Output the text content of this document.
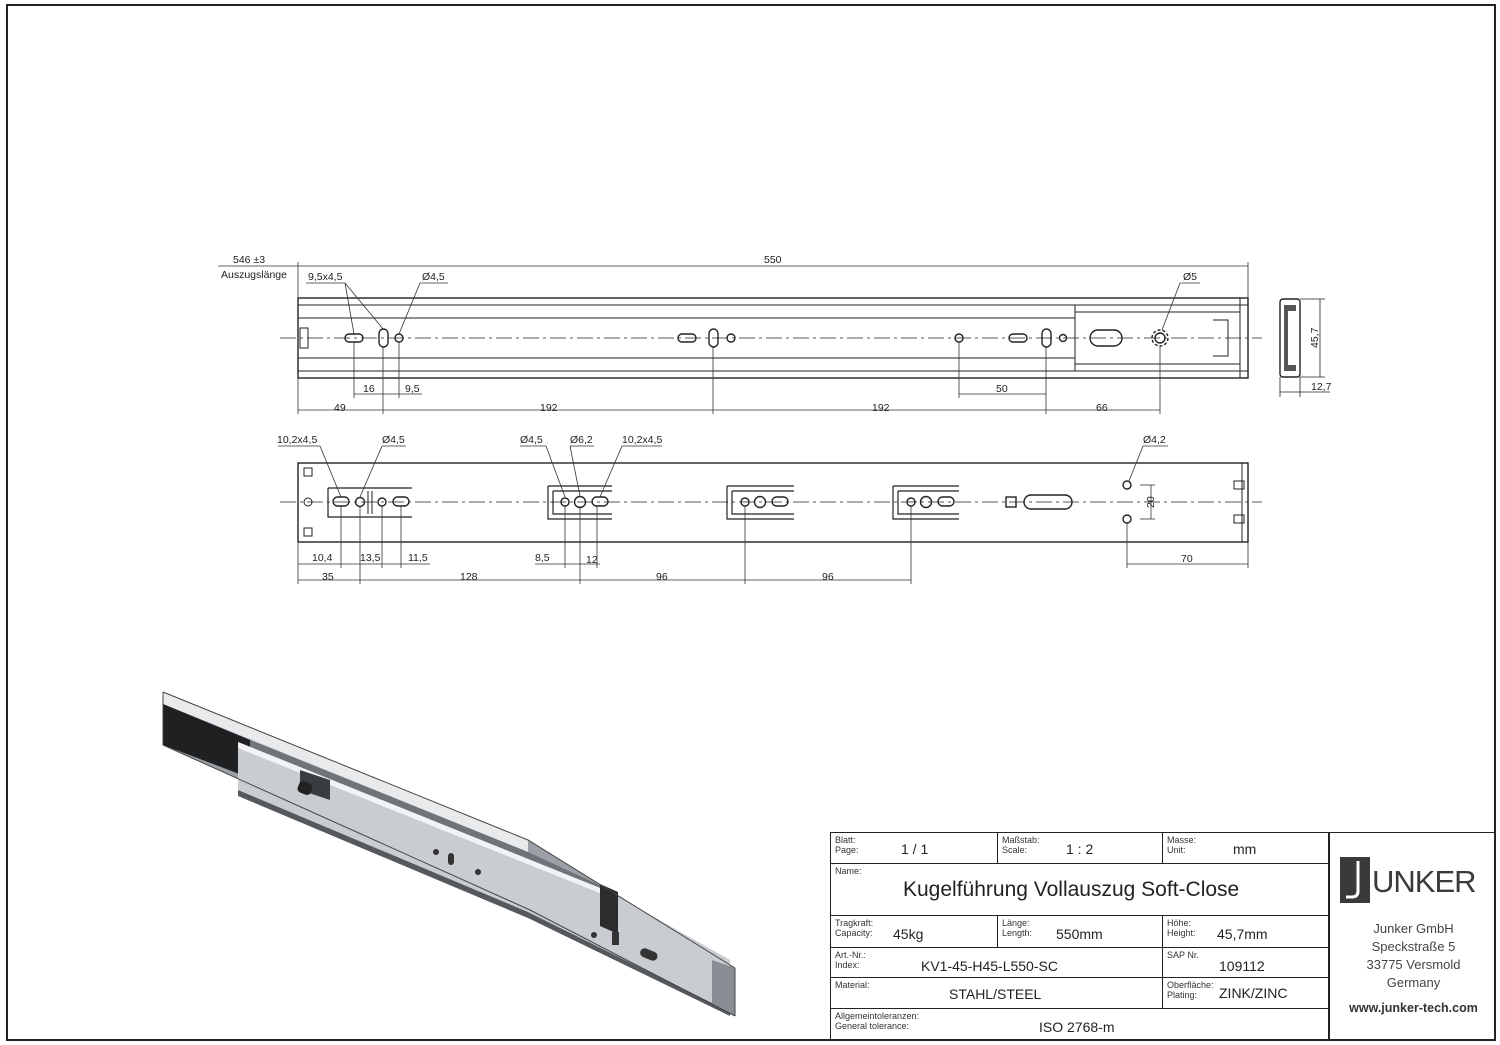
546 ±3
Auszugslänge
550
9,5x4,5	Ø4,5	Ø5
16	9,5
49	192	192
50
66
45,7
12,7
10,2x4,5	Ø4,5	Ø4,5	Ø6,2	10,2x4,5	Ø4,2
20
10,4	13,5	11,5	8,5	12
35	128	96	96
70
Blatt:
Page:	1 / 1
Maßstab:
Scale:	1 : 2
Masse:
Unit:	mm
Name:
Kugelführung Vollauszug Soft-Close
Tragkraft:
Capacity: 45kg
Länge:
Length: 550mm
Höhe:
Height: 45,7mm
Art.-Nr.:
Index:	KV1-45-H45-L550-SC
SAP Nr.
109112
Material:
STAHL/STEEL
Oberfläche:
Plating:	ZINK/ZINC
Allgemeintoleranzen:
General tolerance:	ISO 2768-m
UNKER
Junker GmbH
Speckstraße 5
33775 Versmold
Germany
www.junker-tech.com
